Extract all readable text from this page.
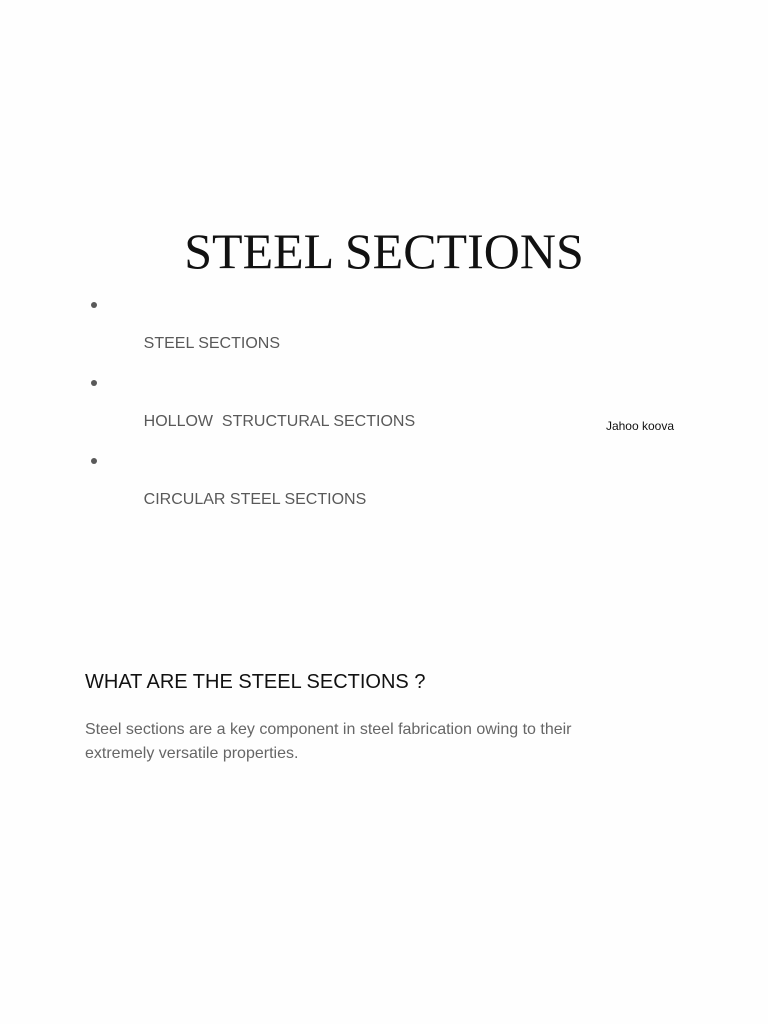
STEEL SECTIONS

STEEL SECTIONS

HOLLOW  STRUCTURAL SECTIONS

CIRCULAR STEEL SECTIONS

Jahoo koova
WHAT ARE THE STEEL SECTIONS ?

Steel sections are a key component in steel fabrication owing to their extremely versatile properties.
